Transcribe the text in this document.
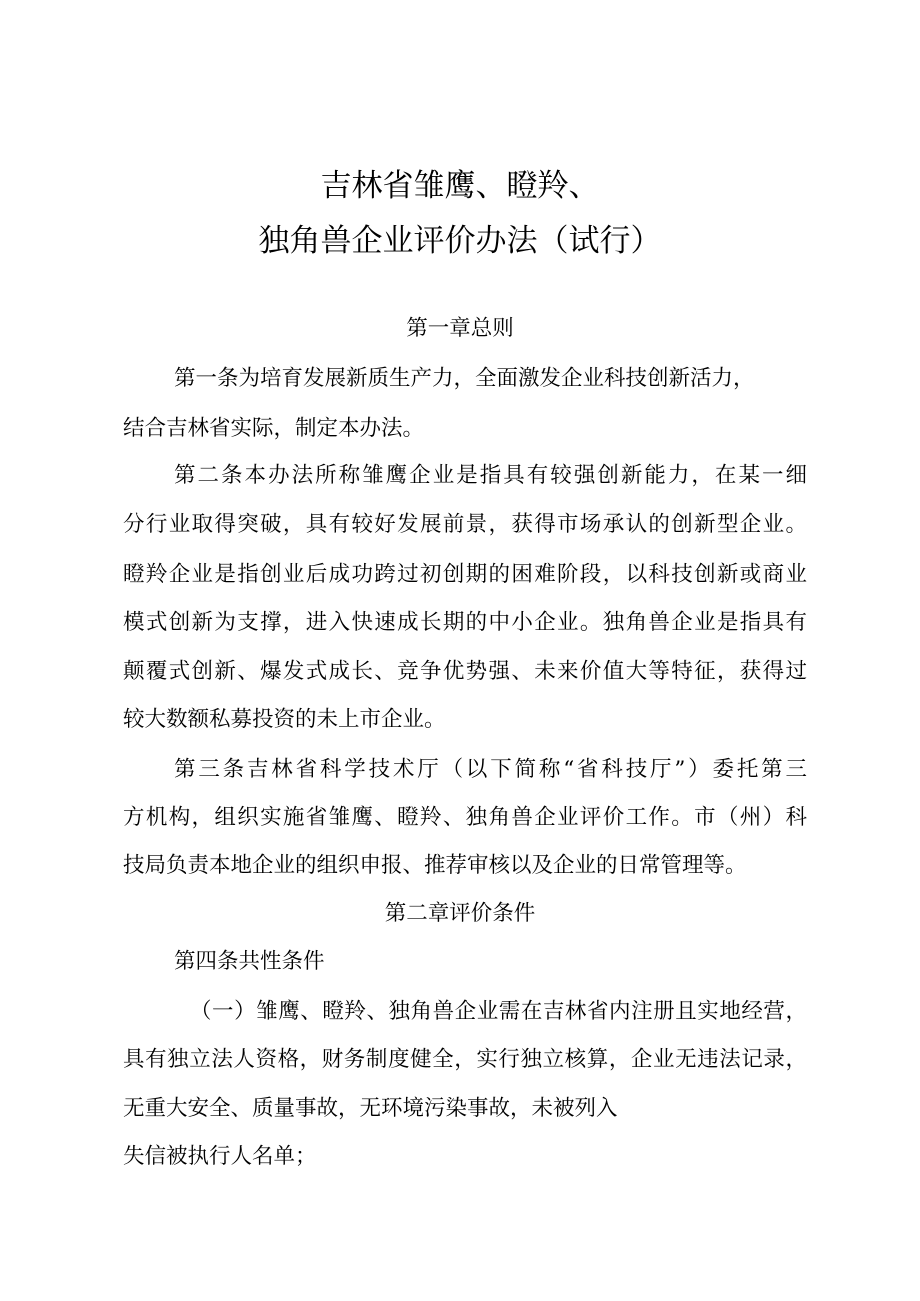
吉林省雏鹰、瞪羚、
独角兽企业评价办法（试行）
第一章总则
第一条为培育发展新质生产力，全面激发企业科技创新活力，
结合吉林省实际，制定本办法。
第二条本办法所称雏鹰企业是指具有较强创新能力，在某一细
分行业取得突破，具有较好发展前景，获得市场承认的创新型企业。
瞪羚企业是指创业后成功跨过初创期的困难阶段，以科技创新或商业
模式创新为支撑，进入快速成长期的中小企业。独角兽企业是指具有
颠覆式创新、爆发式成长、竞争优势强、未来价值大等特征，获得过
较大数额私募投资的未上市企业。
第三条吉林省科学技术厅（以下简称“省科技厅”）委托第三
方机构，组织实施省雏鹰、瞪羚、独角兽企业评价工作。市（州）科
技局负责本地企业的组织申报、推荐审核以及企业的日常管理等。
第二章评价条件
第四条共性条件
（一）雏鹰、瞪羚、独角兽企业需在吉林省内注册且实地经营，
具有独立法人资格，财务制度健全，实行独立核算，企业无违法记录，
无重大安全、质量事故，无环境污染事故，未被列入
失信被执行人名单；
